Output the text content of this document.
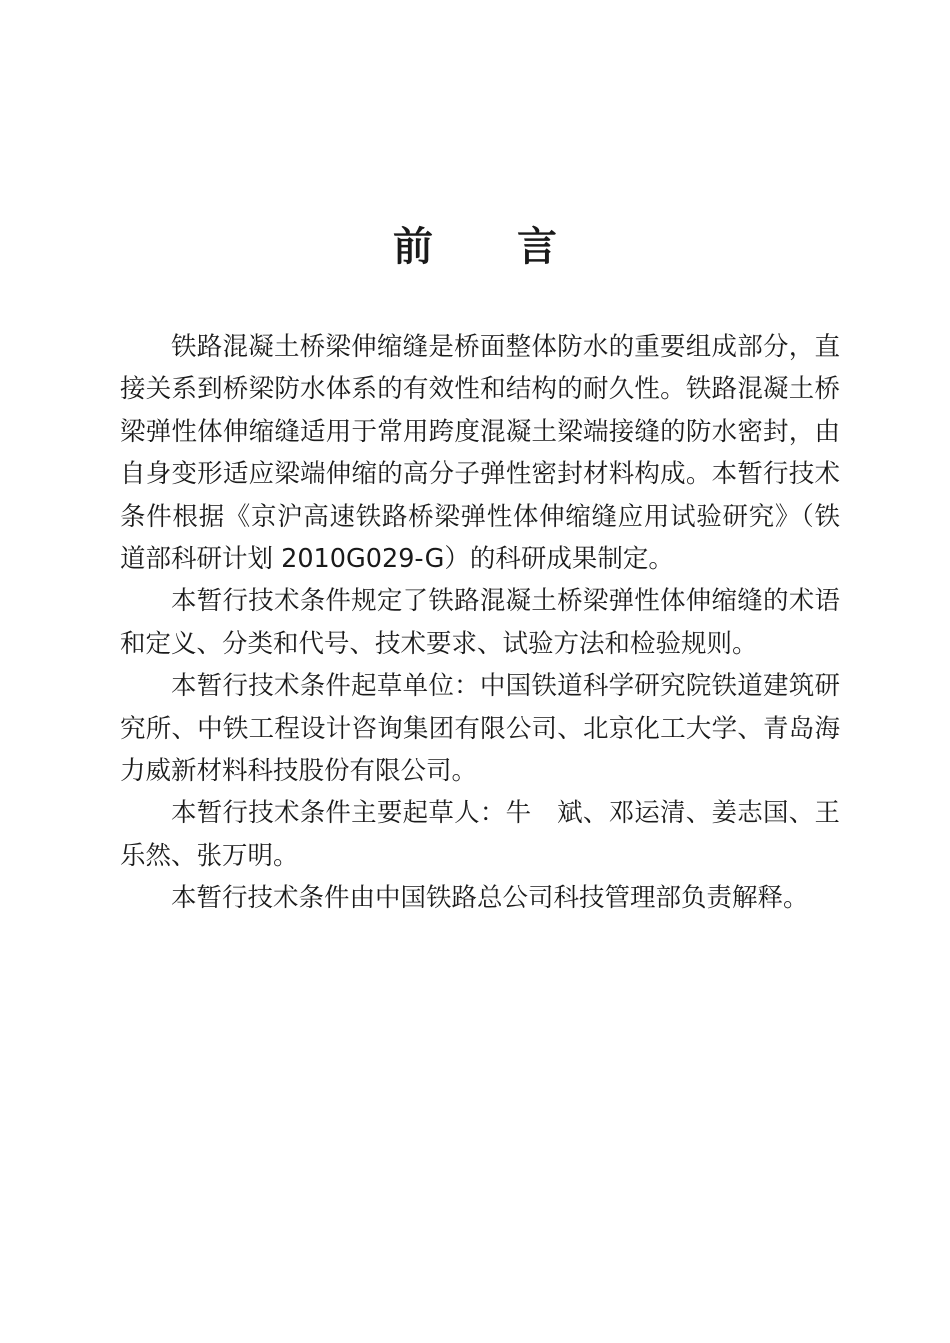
前言

铁路混凝土桥梁伸缩缝是桥面整体防水的重要组成部分，直接关系到桥梁防水体系的有效性和结构的耐久性。铁路混凝土桥梁弹性体伸缩缝适用于常用跨度混凝土梁端接缝的防水密封，由自身变形适应梁端伸缩的高分子弹性密封材料构成。本暂行技术条件根据《京沪高速铁路桥梁弹性体伸缩缝应用试验研究》（铁道部科研计划 2010G029-G）的科研成果制定。

本暂行技术条件规定了铁路混凝土桥梁弹性体伸缩缝的术语和定义、分类和代号、技术要求、试验方法和检验规则。

本暂行技术条件起草单位：中国铁道科学研究院铁道建筑研究所、中铁工程设计咨询集团有限公司、北京化工大学、青岛海力威新材料科技股份有限公司。

本暂行技术条件主要起草人：牛　斌、邓运清、姜志国、王乐然、张万明。

本暂行技术条件由中国铁路总公司科技管理部负责解释。
